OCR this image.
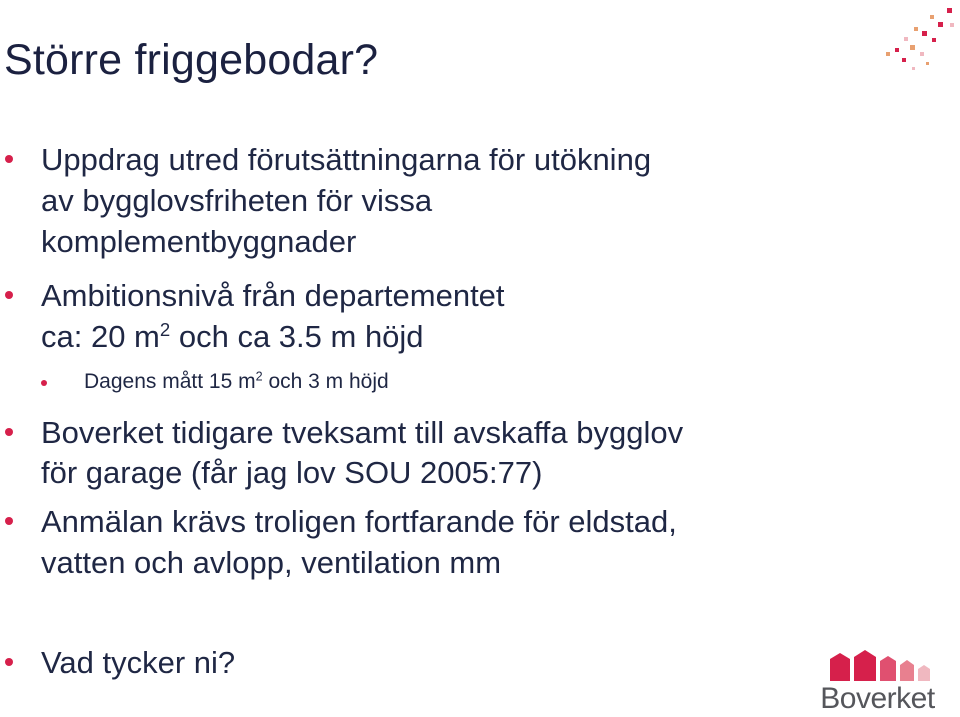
Större friggebodar?
Uppdrag utred förutsättningarna för utökning
av bygglovsfriheten för vissa
komplementbyggnader
Ambitionsnivå från departementet
ca: 20 $m^2$ och ca 3.5 m höjd
Dagens mått 15 $m^2$ och 3 m höjd
Boverket tidigare tveksamt till avskaffa bygglov
för garage (får jag lov SOU 2005:77)
Anmälan krävs troligen fortfarande för eldstad,
vatten och avlopp, ventilation mm
Vad tycker ni?
Boverket
